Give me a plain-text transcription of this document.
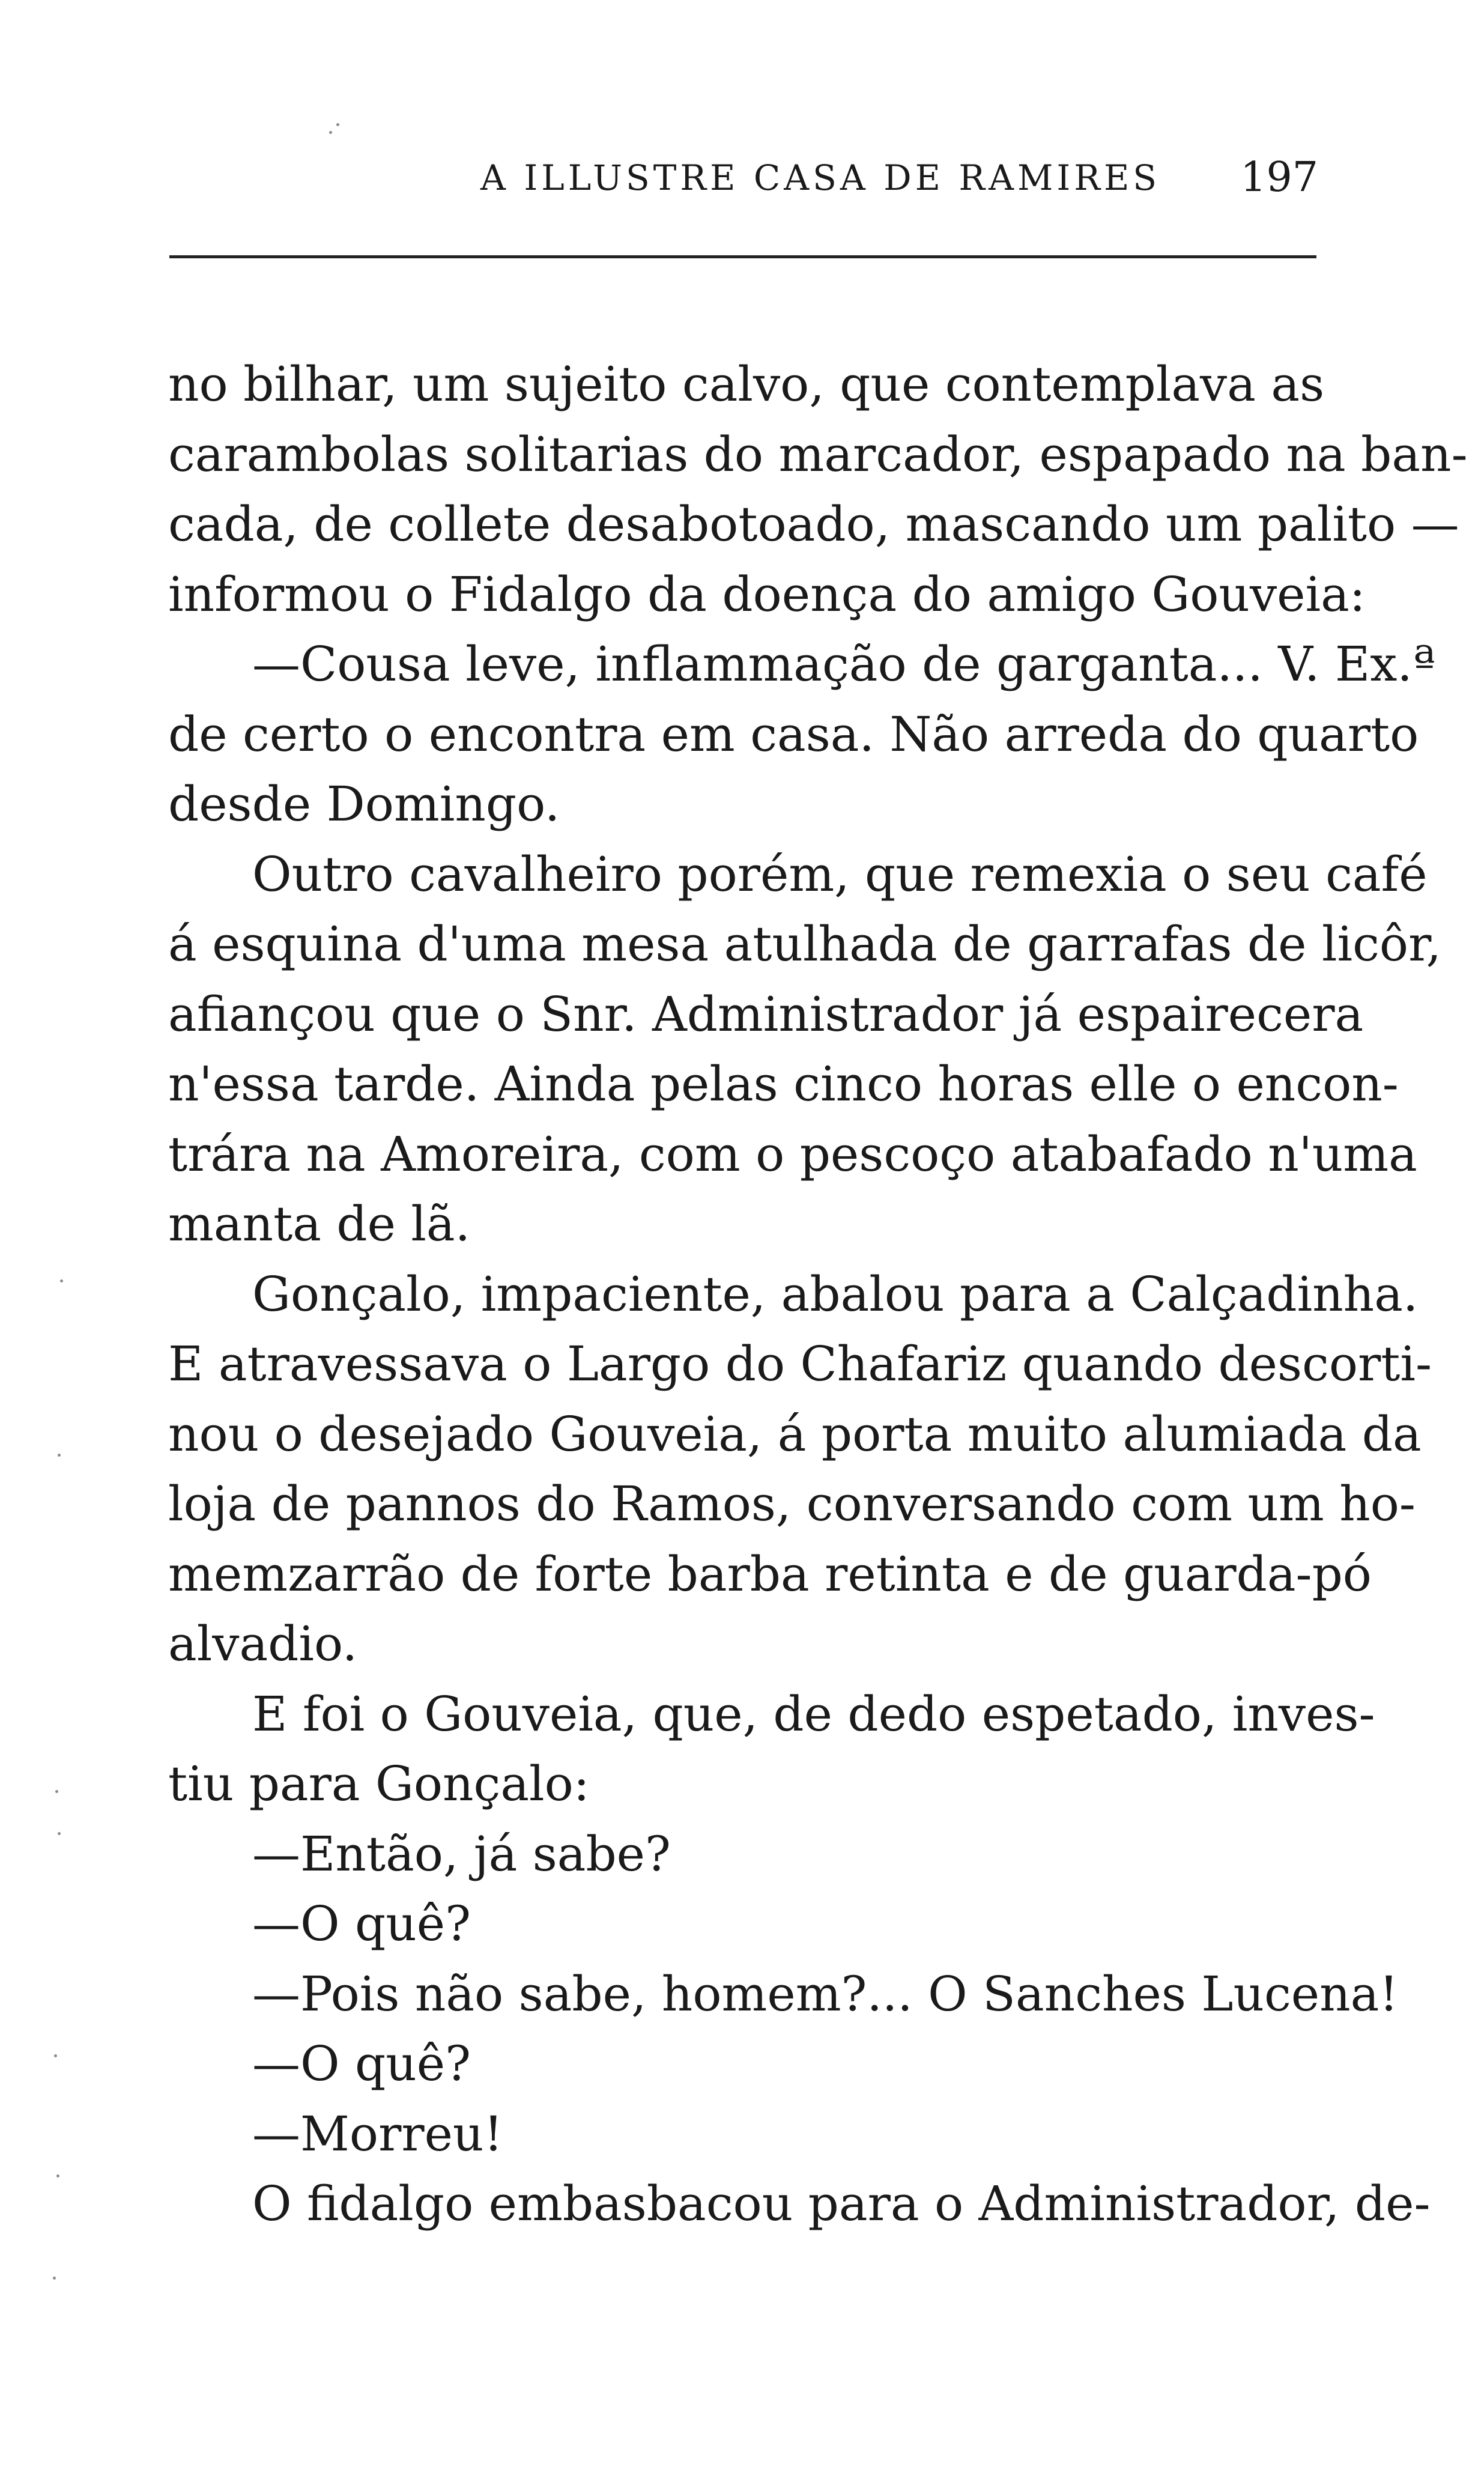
A ILLUSTRE CASA DE RAMIRES 197
no bilhar, um sujeito calvo, que contemplava as
carambolas solitarias do marcador, espapado na ban-
cada, de collete desabotoado, mascando um palito —
informou o Fidalgo da doença do amigo Gouveia:
—Cousa leve, inflammação de garganta... V. Ex.ª
de certo o encontra em casa. Não arreda do quarto
desde Domingo.
Outro cavalheiro porém, que remexia o seu café
á esquina d'uma mesa atulhada de garrafas de licôr,
afiançou que o Snr. Administrador já espairecera
n'essa tarde. Ainda pelas cinco horas elle o encon-
trára na Amoreira, com o pescoço atabafado n'uma
manta de lã.
Gonçalo, impaciente, abalou para a Calçadinha.
E atravessava o Largo do Chafariz quando descorti-
nou o desejado Gouveia, á porta muito alumiada da
loja de pannos do Ramos, conversando com um ho-
memzarrão de forte barba retinta e de guarda-pó
alvadio.
E foi o Gouveia, que, de dedo espetado, inves-
tiu para Gonçalo:
—Então, já sabe?
—O quê?
—Pois não sabe, homem?... O Sanches Lucena!
—O quê?
—Morreu!
O fidalgo embasbacou para o Administrador, de-
